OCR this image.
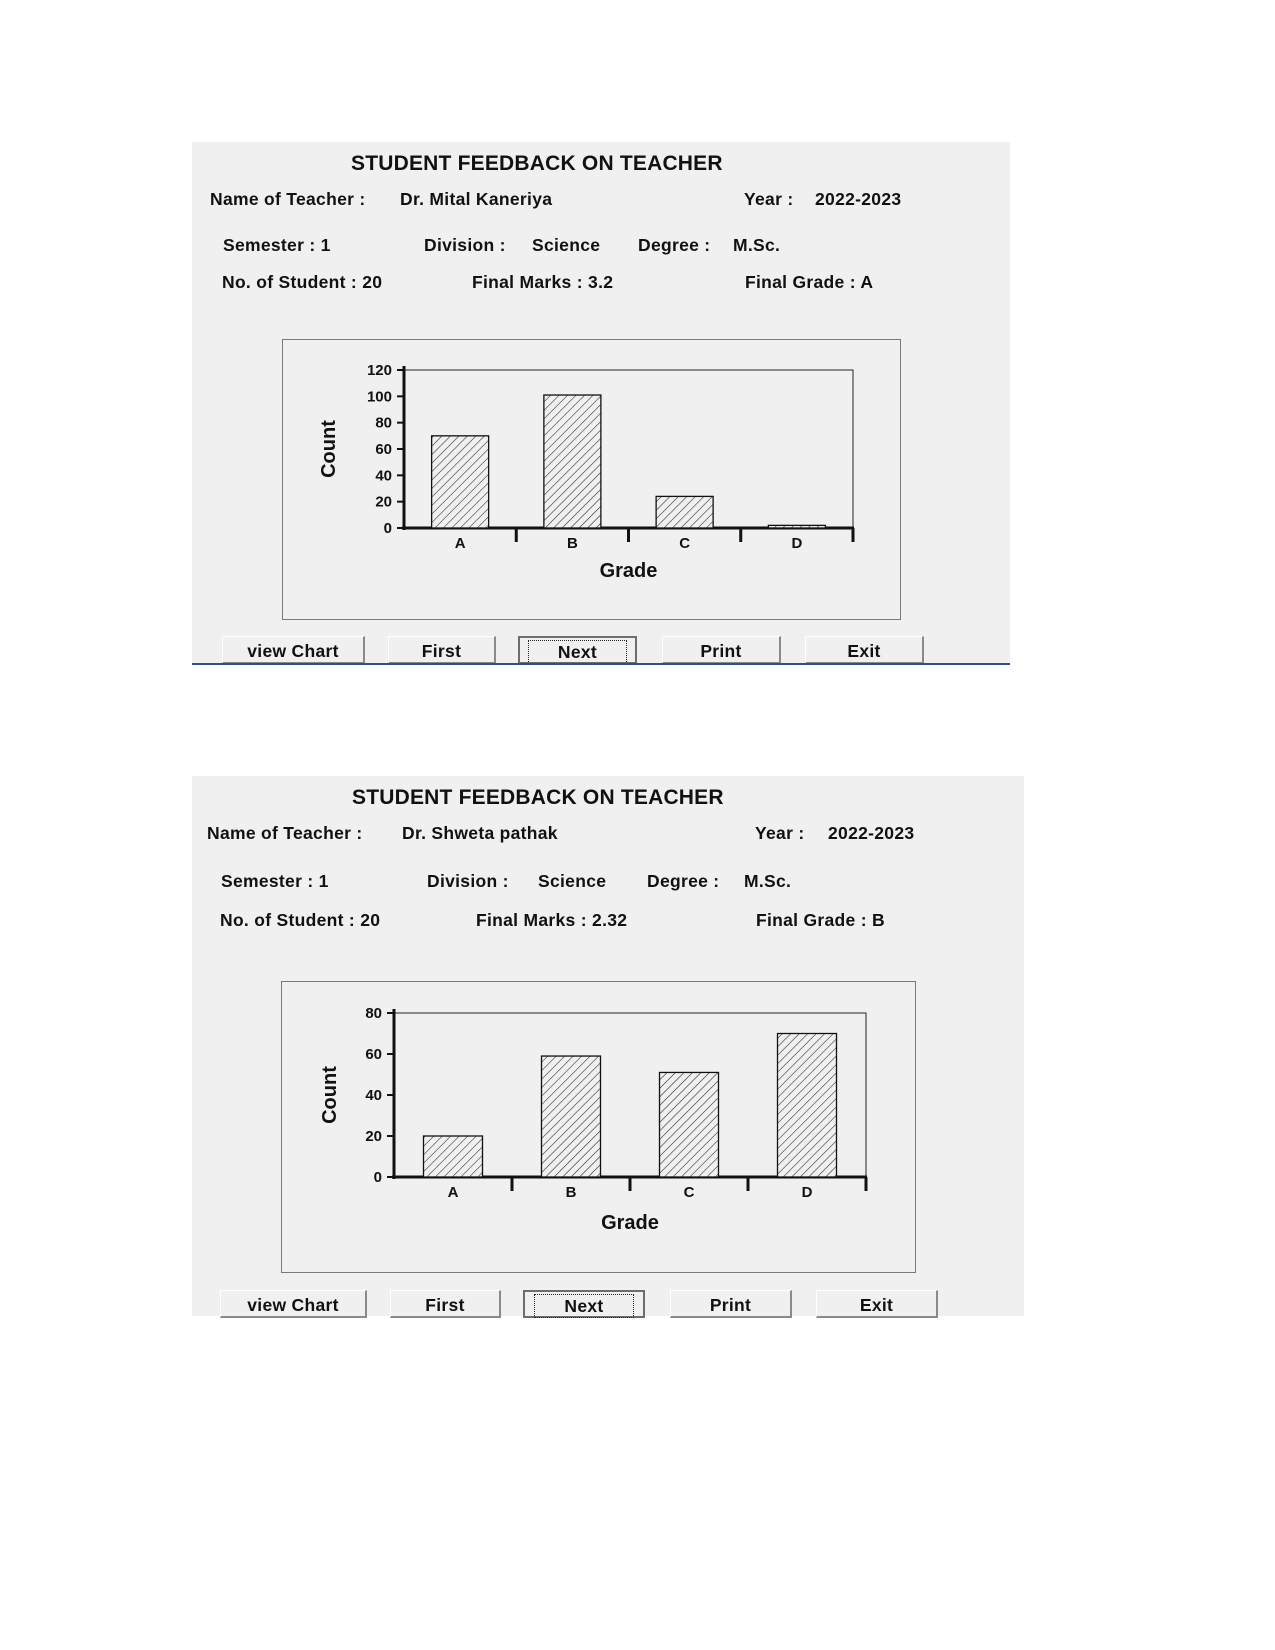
STUDENT FEEDBACK ON TEACHER
Name of Teacher : Dr. Mital Kaneriya	Year : 2022-2023
Semester : 1	Division : Science Degree : M.Sc.
No. of Student : 20	Final Marks : 3.2	Final Grade : A
0
20
40
60
80
100
120
A	B	C	D
Grade
Count
view Chart	First	Next	Print	Exit
STUDENT FEEDBACK ON TEACHER
Name of Teacher : Dr. Shweta pathak	Year : 2022-2023
Semester : 1	Division : Science Degree : M.Sc.
No. of Student : 20	Final Marks : 2.32	Final Grade : B
0
20
40
60
80
A	B	C	D
Grade
Count
view Chart	First	Next	Print	Exit
